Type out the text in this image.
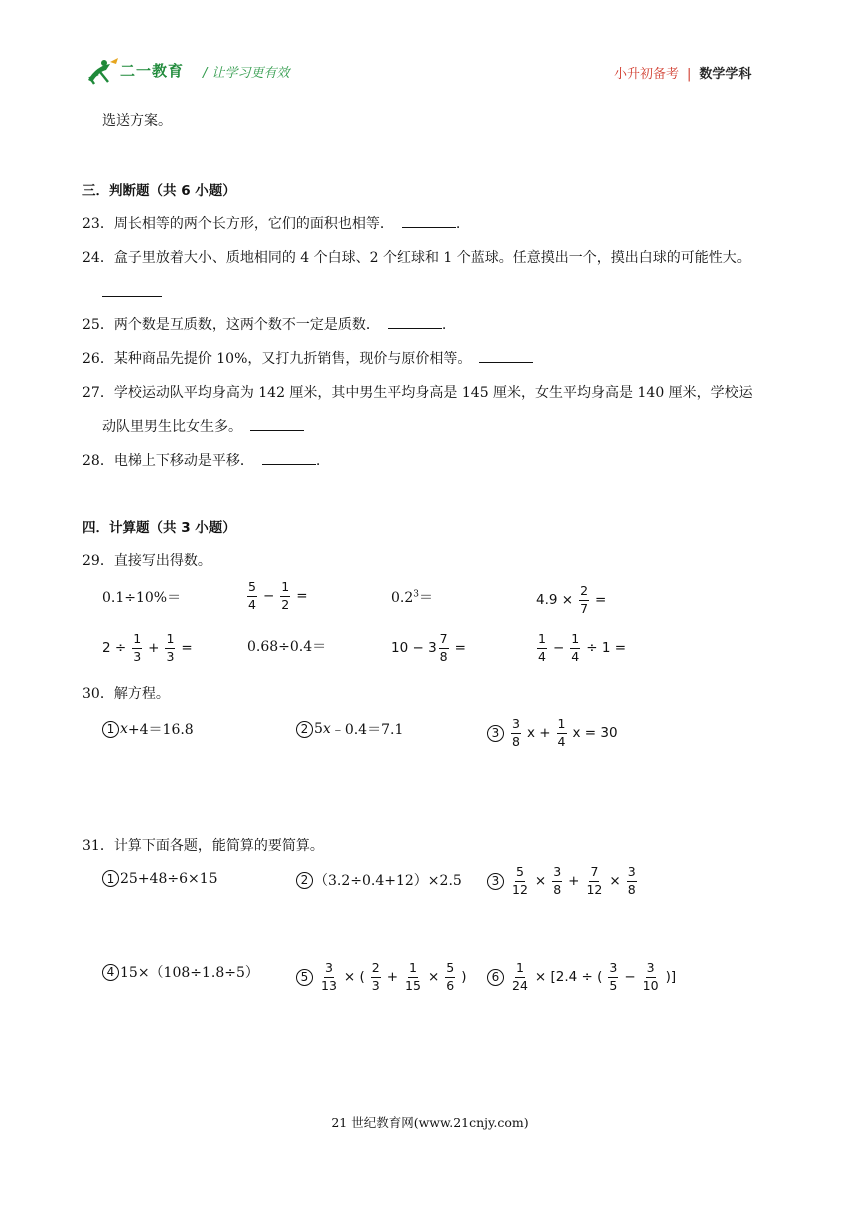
二一教育 / 让学习更有效	小升初备考 | 数学学科
选送方案。
三．判断题（共 6 小题）
23．周长相等的两个长方形，它们的面积也相等．	.
24．盒子里放着大小、质地相同的 4 个白球、2 个红球和 1 个蓝球。任意摸出一个，摸出白球的可能性大。
25．两个数是互质数，这两个数不一定是质数．	.
26．某种商品先提价 10%，又打九折销售，现价与原价相等。
27．学校运动队平均身高为 142 厘米，其中男生平均身高是 145 厘米，女生平均身高是 140 厘米，学校运
动队里男生比女生多。
28．电梯上下移动是平移．	.
四．计算题（共 3 小题）
29．直接写出得数。
0.1÷10%＝	$\frac{5}{4} - \frac{1}{2}$ =	$0.2^3=$	$4.9 \times \frac{2}{7}$ =
$2 \div \frac{1}{3} + \frac{1}{3}$ =	0.68÷0.4＝	$10 - 3 \frac{7}{8}$ =	$\frac{1}{4} - \frac{1}{4} \div 1$ =
30．解方程。
1 x +4＝16.8	2 5 x ﹣0.4＝7.1	$3 \frac{3}{8}$ $x + \frac{1}{4}$ x = 30
31．计算下面各题，能简算的要简算。
1 25+48÷6×15	2 （3.2÷0.4+12）×2.5	$3 \frac{5}{12} \times \frac{3}{8} + \frac{7}{12} \times \frac{3}{8}$
4 15×（108÷1.8÷5）	$5 \frac{3}{13}$ × ( $\frac{2}{3} + \frac{1}{15} \times \frac{5}{6}$ )	$6 \frac{1}{24} \times [2.4$ ÷ ( $\frac{3}{5} - \frac{3}{10}$ )]
21 世纪教育网(www.21cnjy.com)
